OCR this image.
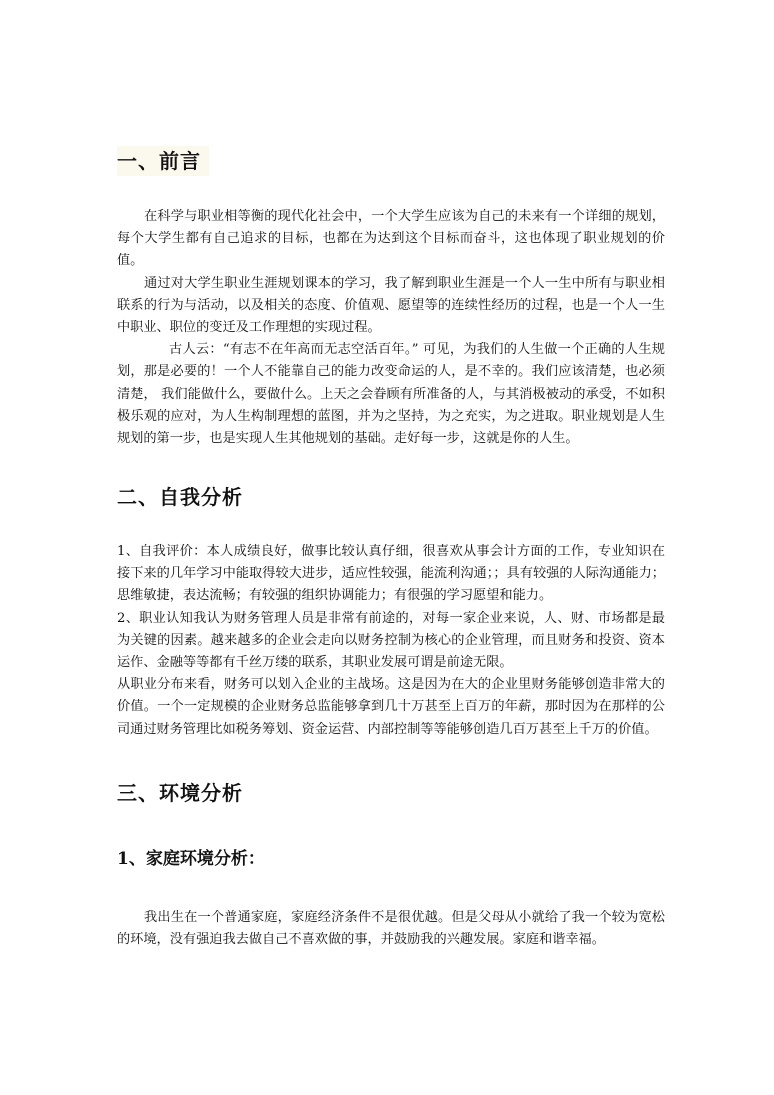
一、前言

在科学与职业相等衡的现代化社会中，一个大学生应该为自己的未来有一个详细的规划，每个大学生都有自己追求的目标，也都在为达到这个目标而奋斗，这也体现了职业规划的价值。

通过对大学生职业生涯规划课本的学习，我了解到职业生涯是一个人一生中所有与职业相联系的行为与活动，以及相关的态度、价值观、愿望等的连续性经历的过程，也是一个人一生中职业、职位的变迁及工作理想的实现过程。

古人云：“有志不在年高而无志空活百年。” 可见，为我们的人生做一个正确的人生规划，那是必要的！一个人不能靠自己的能力改变命运的人，是不幸的。我们应该清楚，也必须清楚， 我们能做什么，要做什么。上天之会眷顾有所准备的人，与其消极被动的承受，不如积极乐观的应对，为人生构制理想的蓝图，并为之坚持，为之充实，为之进取。职业规划是人生规划的第一步，也是实现人生其他规划的基础。走好每一步，这就是你的人生。

二、自我分析

1、自我评价：本人成绩良好，做事比较认真仔细，很喜欢从事会计方面的工作，专业知识在接下来的几年学习中能取得较大进步，适应性较强，能流利沟通；；具有较强的人际沟通能力；思维敏捷，表达流畅；有较强的组织协调能力；有很强的学习愿望和能力。

2、职业认知我认为财务管理人员是非常有前途的，对每一家企业来说，人、财、市场都是最为关键的因素。越来越多的企业会走向以财务控制为核心的企业管理，而且财务和投资、资本运作、金融等等都有千丝万缕的联系，其职业发展可谓是前途无限。

从职业分布来看，财务可以划入企业的主战场。这是因为在大的企业里财务能够创造非常大的价值。一个一定规模的企业财务总监能够拿到几十万甚至上百万的年薪，那时因为在那样的公司通过财务管理比如税务筹划、资金运营、内部控制等等能够创造几百万甚至上千万的价值。

三、环境分析
1、家庭环境分析：

我出生在一个普通家庭，家庭经济条件不是很优越。但是父母从小就给了我一个较为宽松的环境，没有强迫我去做自己不喜欢做的事，并鼓励我的兴趣发展。家庭和谐幸福。
